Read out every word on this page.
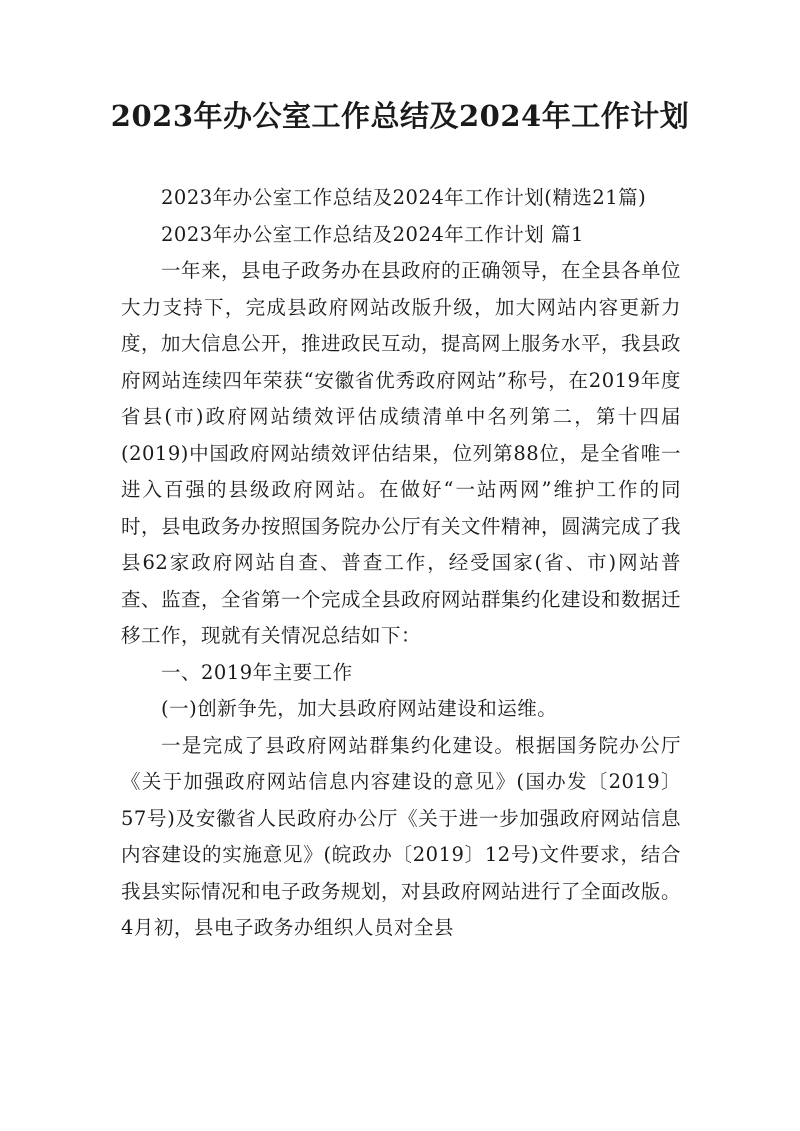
2023年办公室工作总结及2024年工作计划

2023年办公室工作总结及2024年工作计划(精选21篇)

2023年办公室工作总结及2024年工作计划 篇1

一年来，县电子政务办在县政府的正确领导，在全县各单位大力支持下，完成县政府网站改版升级，加大网站内容更新力度，加大信息公开，推进政民互动，提高网上服务水平，我县政府网站连续四年荣获“安徽省优秀政府网站”称号，在2019年度省县(市)政府网站绩效评估成绩清单中名列第二，第十四届(2019)中国政府网站绩效评估结果，位列第88位，是全省唯一进入百强的县级政府网站。在做好“一站两网”维护工作的同时，县电政务办按照国务院办公厅有关文件精神，圆满完成了我县62家政府网站自查、普查工作，经受国家(省、市)网站普查、监查，全省第一个完成全县政府网站群集约化建设和数据迁移工作，现就有关情况总结如下：

一、2019年主要工作

(一)创新争先，加大县政府网站建设和运维。

一是完成了县政府网站群集约化建设。根据国务院办公厅《关于加强政府网站信息内容建设的意见》(国办发〔2019〕57号)及安徽省人民政府办公厅《关于进一步加强政府网站信息内容建设的实施意见》(皖政办〔2019〕12号)文件要求，结合我县实际情况和电子政务规划，对县政府网站进行了全面改版。4月初，县电子政务办组织人员对全县
